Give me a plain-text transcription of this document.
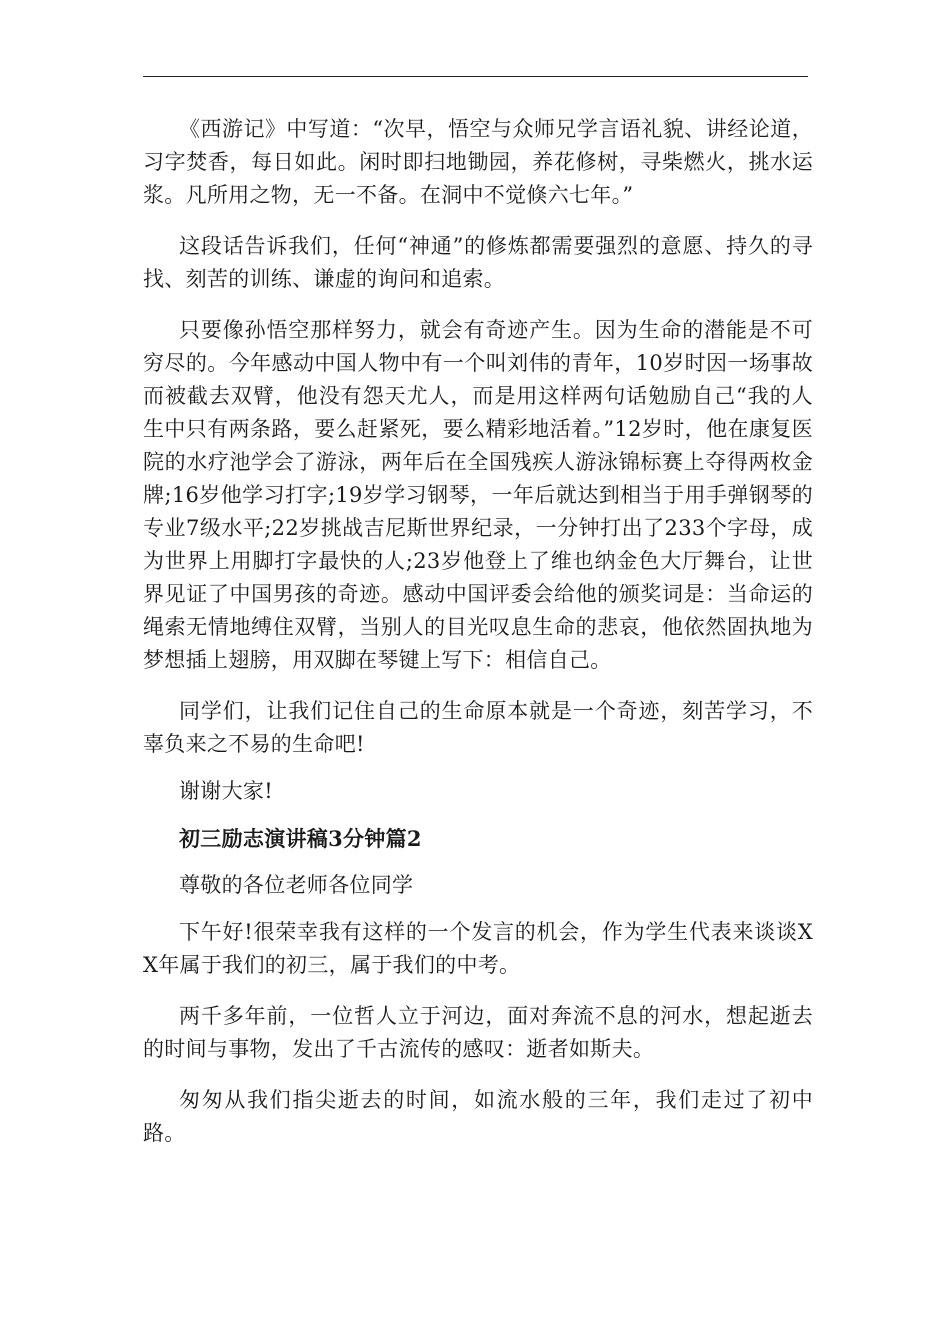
《西游记》中写道：“次早，悟空与众师兄学言语礼貌、讲经论道，习字焚香，每日如此。闲时即扫地锄园，养花修树，寻柴燃火，挑水运浆。凡所用之物，无一不备。在洞中不觉倏六七年。”

这段话告诉我们，任何“神通”的修炼都需要强烈的意愿、持久的寻找、刻苦的训练、谦虚的询问和追索。

只要像孙悟空那样努力，就会有奇迹产生。因为生命的潜能是不可穷尽的。今年感动中国人物中有一个叫刘伟的青年，10岁时因一场事故而被截去双臂，他没有怨天尤人，而是用这样两句话勉励自己“我的人生中只有两条路，要么赶紧死，要么精彩地活着。”12岁时，他在康复医院的水疗池学会了游泳，两年后在全国残疾人游泳锦标赛上夺得两枚金牌;16岁他学习打字;19岁学习钢琴，一年后就达到相当于用手弹钢琴的专业7级水平;22岁挑战吉尼斯世界纪录，一分钟打出了233个字母，成为世界上用脚打字最快的人;23岁他登上了维也纳金色大厅舞台，让世界见证了中国男孩的奇迹。感动中国评委会给他的颁奖词是：当命运的绳索无情地缚住双臂，当别人的目光叹息生命的悲哀，他依然固执地为梦想插上翅膀，用双脚在琴键上写下：相信自己。

同学们，让我们记住自己的生命原本就是一个奇迹，刻苦学习，不辜负来之不易的生命吧!

谢谢大家!

初三励志演讲稿3分钟篇2

尊敬的各位老师各位同学

下午好!很荣幸我有这样的一个发言的机会，作为学生代表来谈谈XX年属于我们的初三，属于我们的中考。

两千多年前，一位哲人立于河边，面对奔流不息的河水，想起逝去的时间与事物，发出了千古流传的感叹：逝者如斯夫。

匆匆从我们指尖逝去的时间，如流水般的三年，我们走过了初中路。
